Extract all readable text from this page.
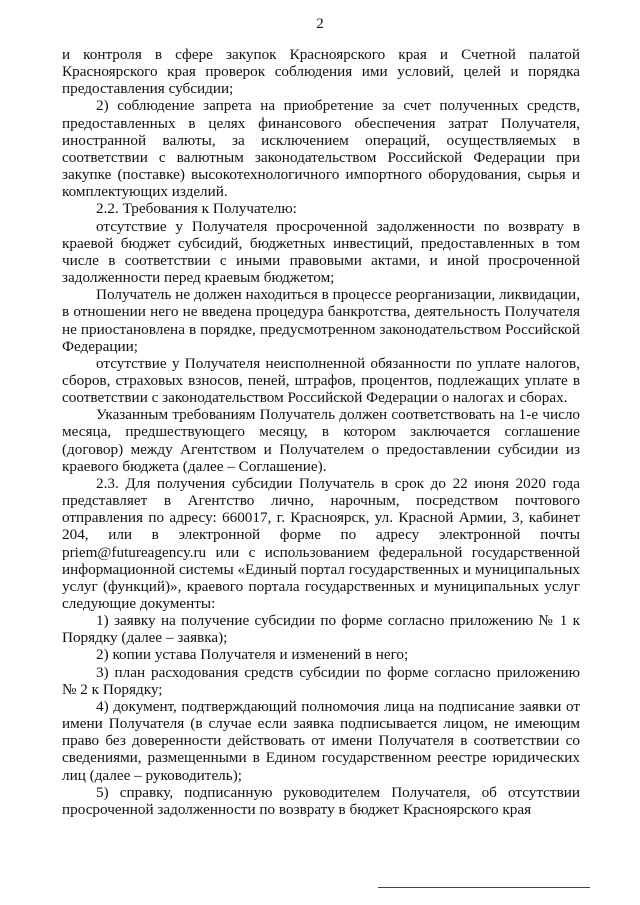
2

и контроля в сфере закупок Красноярского края и Счетной палатой Красноярского края проверок соблюдения ими условий, целей и порядка предоставления субсидии;

2) соблюдение запрета на приобретение за счет полученных средств, предоставленных в целях финансового обеспечения затрат Получателя, иностранной валюты, за исключением операций, осуществляемых в соответствии с валютным законодательством Российской Федерации при закупке (поставке) высокотехнологичного импортного оборудования, сырья и комплектующих изделий.

2.2. Требования к Получателю:

отсутствие у Получателя просроченной задолженности по возврату в краевой бюджет субсидий, бюджетных инвестиций, предоставленных в том числе в соответствии с иными правовыми актами, и иной просроченной задолженности перед краевым бюджетом;

Получатель не должен находиться в процессе реорганизации, ликвидации, в отношении него не введена процедура банкротства, деятельность Получателя не приостановлена в порядке, предусмотренном законодательством Российской Федерации;

отсутствие у Получателя неисполненной обязанности по уплате налогов, сборов, страховых взносов, пеней, штрафов, процентов, подлежащих уплате в соответствии с законодательством Российской Федерации о налогах и сборах.

Указанным требованиям Получатель должен соответствовать на 1-е число месяца, предшествующего месяцу, в котором заключается соглашение (договор) между Агентством и Получателем о предоставлении субсидии из краевого бюджета (далее – Соглашение).

2.3. Для получения субсидии Получатель в срок до 22 июня 2020 года представляет в Агентство лично, нарочным, посредством почтового отправления по адресу: 660017, г. Красноярск, ул. Красной Армии, 3, кабинет 204, или в электронной форме по адресу электронной почты priem@futureagency.ru или с использованием федеральной государственной информационной системы «Единый портал государственных и муниципальных услуг (функций)», краевого портала государственных и муниципальных услуг следующие документы:

1) заявку на получение субсидии по форме согласно приложению № 1 к Порядку (далее – заявка);

2) копии устава Получателя и изменений в него;

3) план расходования средств субсидии по форме согласно приложению № 2 к Порядку;

4) документ, подтверждающий полномочия лица на подписание заявки от имени Получателя (в случае если заявка подписывается лицом, не имеющим право без доверенности действовать от имени Получателя в соответствии со сведениями, размещенными в Едином государственном реестре юридических лиц (далее – руководитель);

5) справку, подписанную руководителем Получателя, об отсутствии просроченной задолженности по возврату в бюджет Красноярского края
